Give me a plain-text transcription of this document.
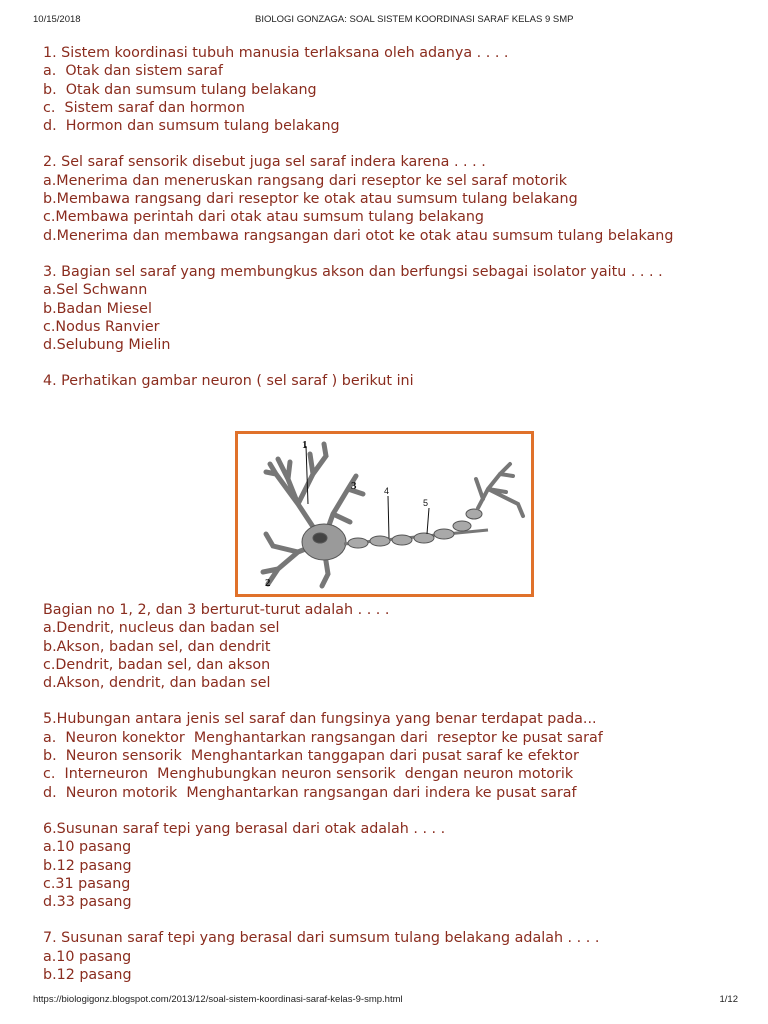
10/15/2018	BIOLOGI GONZAGA: SOAL SISTEM KOORDINASI SARAF KELAS 9 SMP

1. Sistem koordinasi tubuh manusia terlaksana oleh adanya . . . .

a.  Otak dan sistem saraf

b.  Otak dan sumsum tulang belakang

c.  Sistem saraf dan hormon

d.  Hormon dan sumsum tulang belakang

2. Sel saraf sensorik disebut juga sel saraf indera karena . . . .

a.Menerima dan meneruskan rangsang dari reseptor ke sel saraf motorik

b.Membawa rangsang dari reseptor ke otak atau sumsum tulang belakang

c.Membawa perintah dari otak atau sumsum tulang belakang

d.Menerima dan membawa rangsangan dari otot ke otak atau sumsum tulang belakang

3. Bagian sel saraf yang membungkus akson dan berfungsi sebagai isolator yaitu . . . .

a.Sel Schwann

b.Badan Miesel

c.Nodus Ranvier

d.Selubung Mielin

4. Perhatikan gambar neuron ( sel saraf ) berikut ini

1
2
3	4
5

Bagian no 1, 2, dan 3 berturut-turut adalah . . . .

a.Dendrit, nucleus dan badan sel

b.Akson, badan sel, dan dendrit

c.Dendrit, badan sel, dan akson

d.Akson, dendrit, dan badan sel

5.Hubungan antara jenis sel saraf dan fungsinya yang benar terdapat pada...

a.  Neuron konektor  Menghantarkan rangsangan dari  reseptor ke pusat saraf

b.  Neuron sensorik  Menghantarkan tanggapan dari pusat saraf ke efektor

c.  Interneuron  Menghubungkan neuron sensorik  dengan neuron motorik

d.  Neuron motorik  Menghantarkan rangsangan dari indera ke pusat saraf

6.Susunan saraf tepi yang berasal dari otak adalah . . . .

a.10 pasang

b.12 pasang

c.31 pasang

d.33 pasang

7. Susunan saraf tepi yang berasal dari sumsum tulang belakang adalah . . . .

a.10 pasang

b.12 pasang

https://biologigonz.blogspot.com/2013/12/soal-sistem-koordinasi-saraf-kelas-9-smp.html	1/12
